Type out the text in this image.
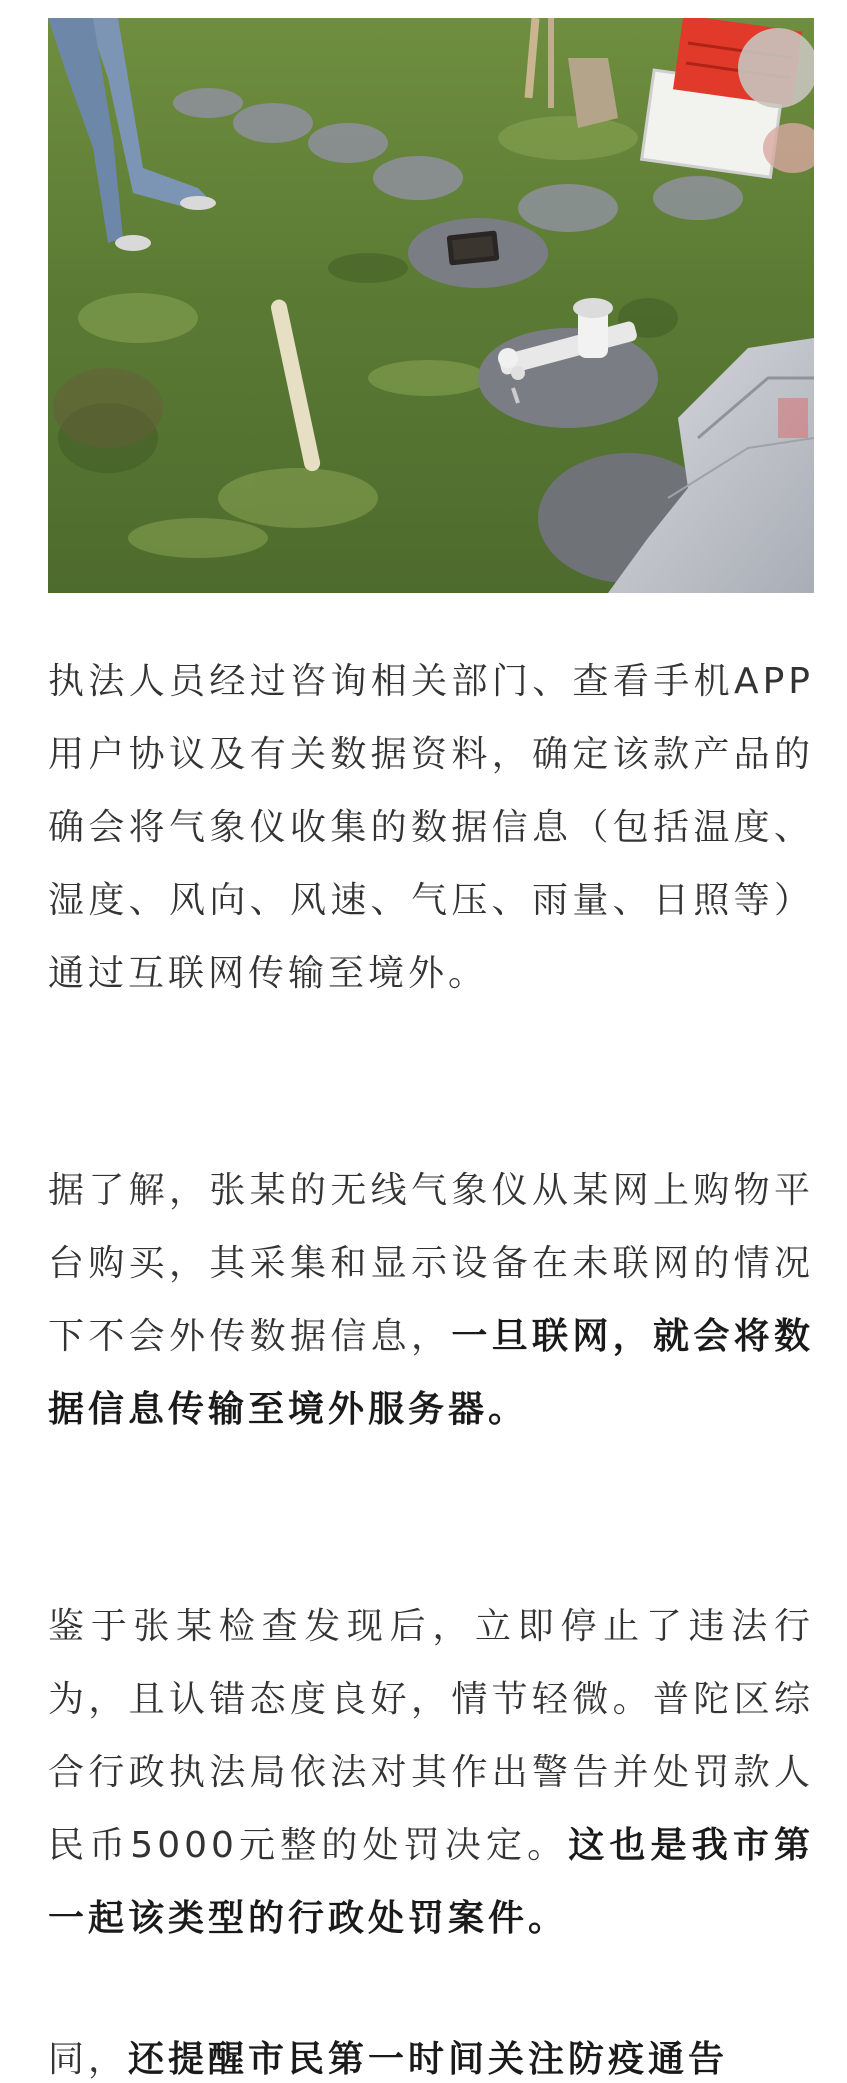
执法人员经过咨询相关部门、查看手机APP用户协议及有关数据资料，确定该款产品的确会将气象仪收集的数据信息（包括温度、湿度、风向、风速、气压、雨量、日照等）通过互联网传输至境外。

据了解，张某的无线气象仪从某网上购物平台购买，其采集和显示设备在未联网的情况下不会外传数据信息，一旦联网，就会将数据信息传输至境外服务器。

鉴于张某检查发现后，立即停止了违法行为，且认错态度良好，情节轻微。普陀区综合行政执法局依法对其作出警告并处罚款人民币5000元整的处罚决定。这也是我市第一起该类型的行政处罚案件。

同，还提醒市民第一时间关注防疫通告
